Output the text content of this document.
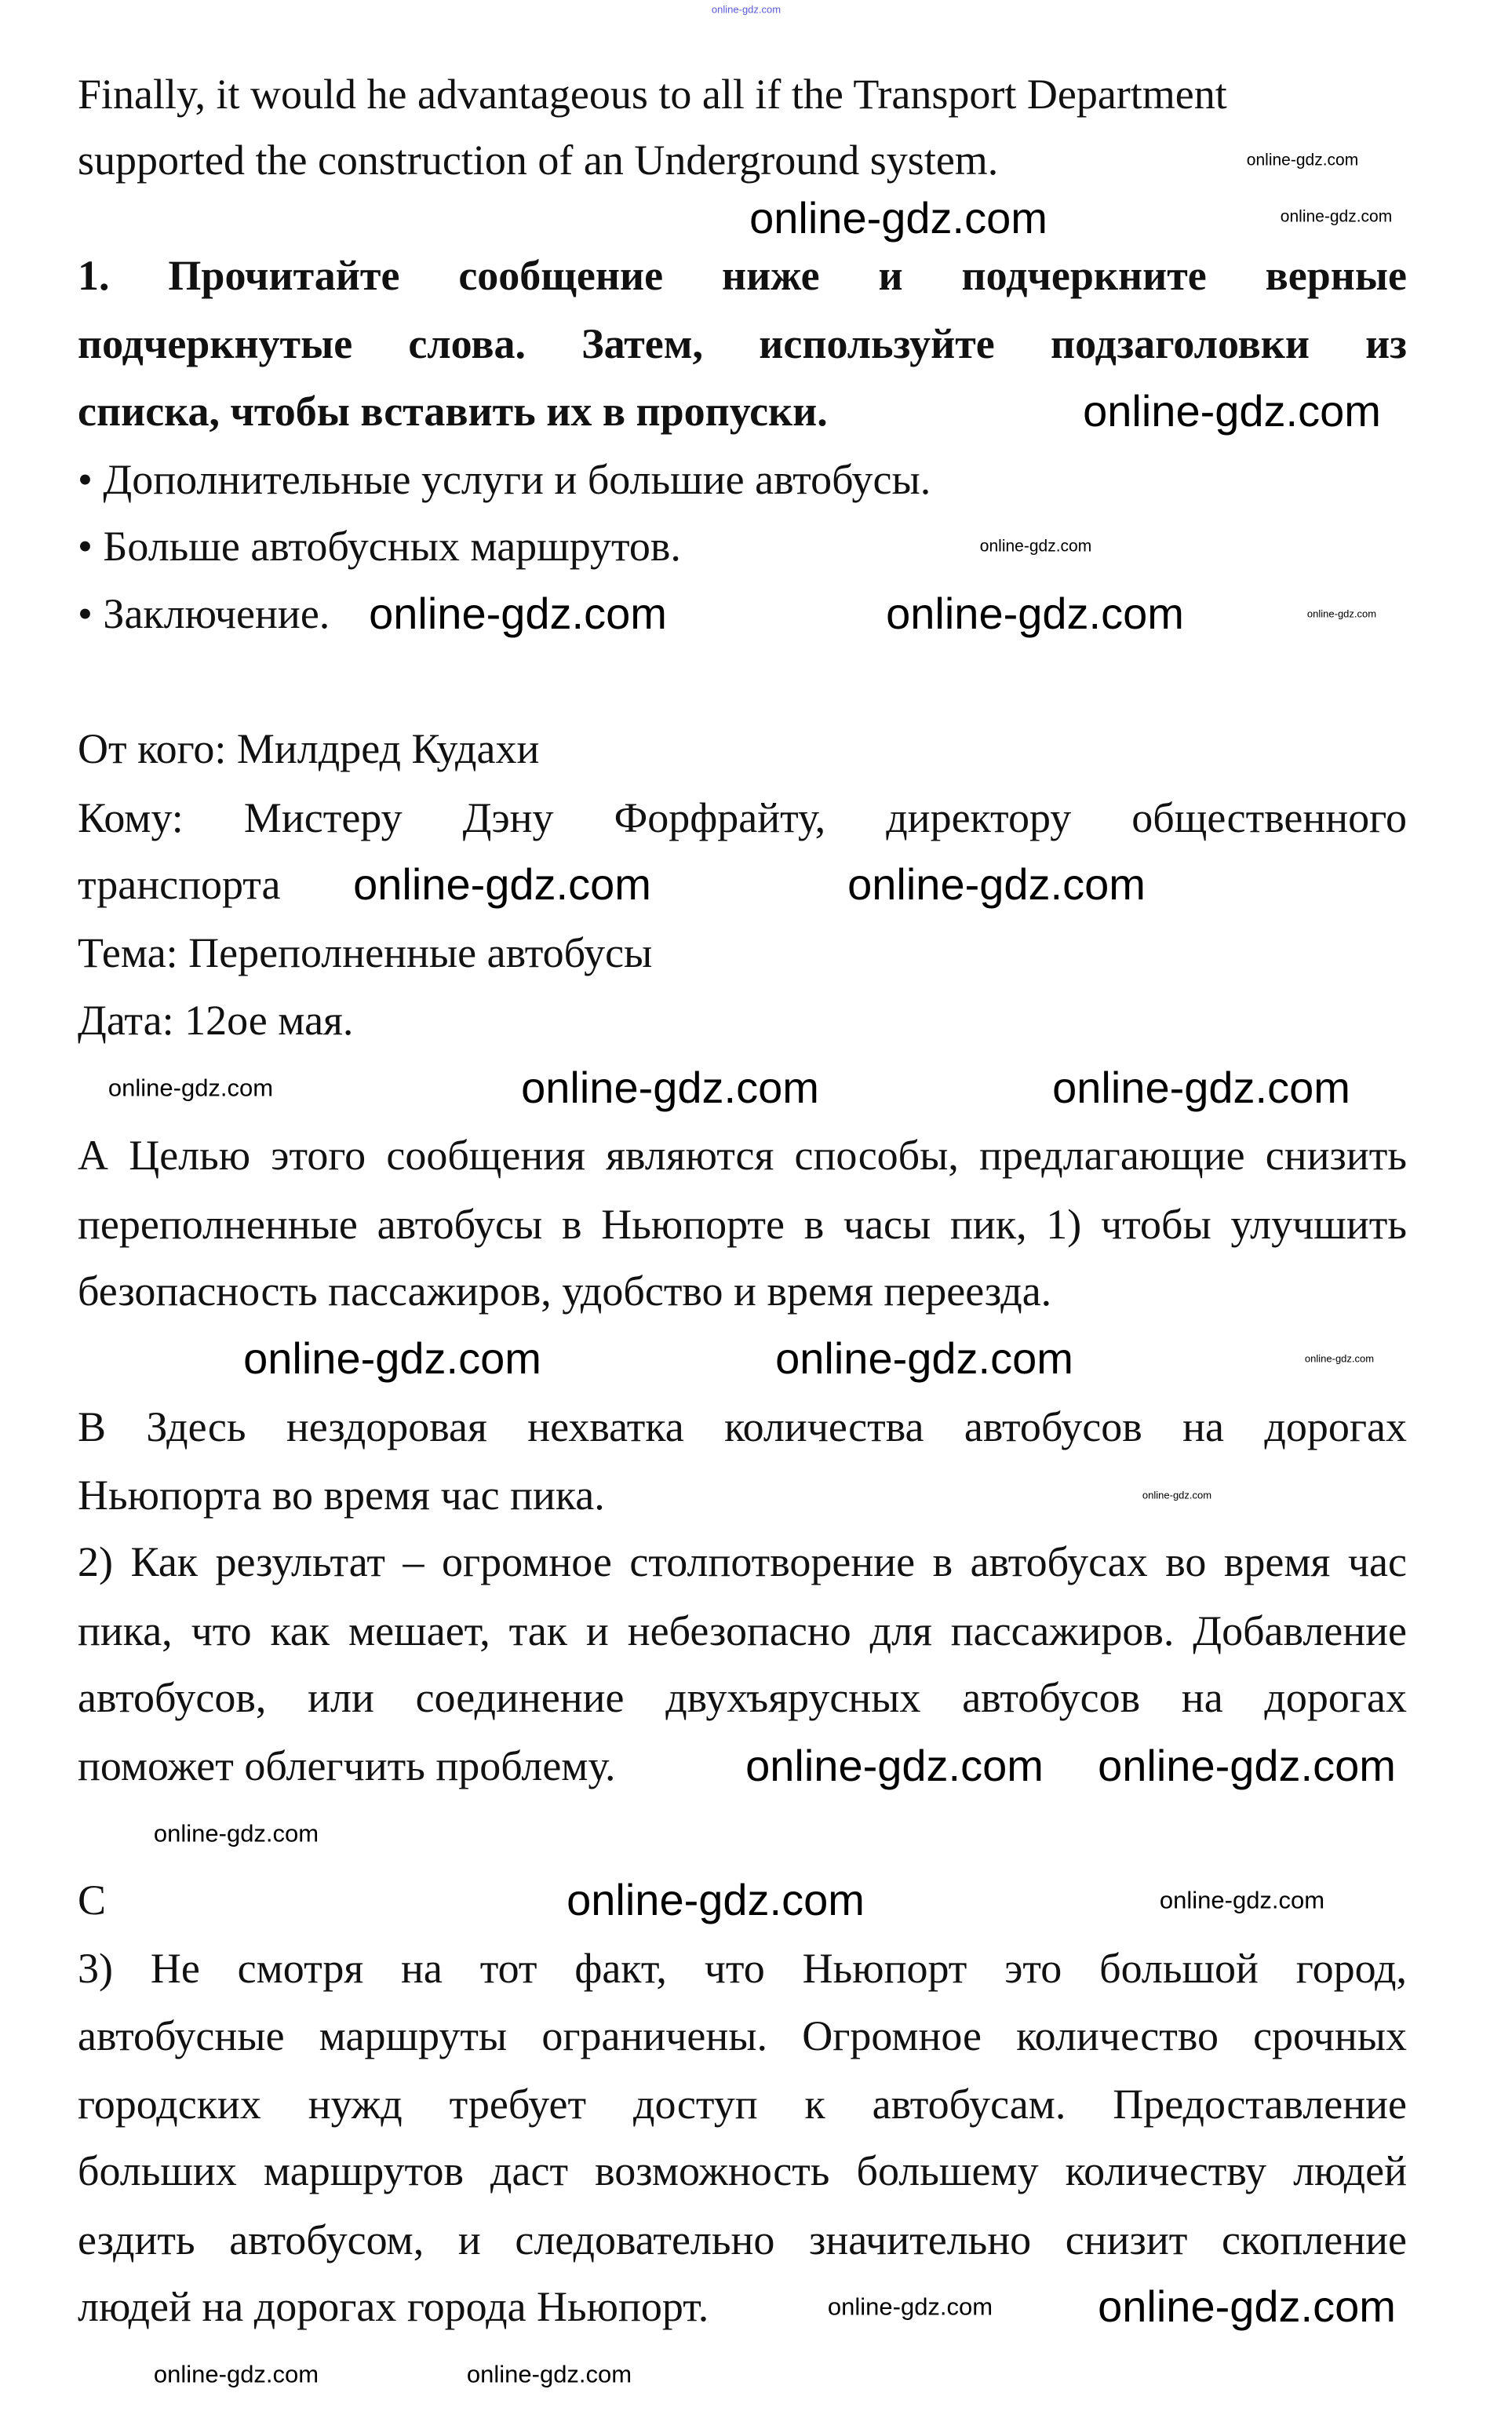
Finally, it would he advantageous to all if the Transport Department
supported the construction of an Underground system.
1. Прочитайте сообщение ниже и подчеркните верные
подчеркнутые слова. Затем, используйте подзаголовки из
списка, чтобы вставить их в пропуски.
• Дополнительные услуги и большие автобусы.
• Больше автобусных маршрутов.
• Заключение.
От кого: Милдред Кудахи
Кому: Мистеру Дэну Форфрайту, директору общественного
транспорта
Тема: Переполненные автобусы
Дата: 12ое мая.
А Целью этого сообщения являются способы, предлагающие снизить
переполненные автобусы в Ньюпорте в часы пик, 1) чтобы улучшить
безопасность пассажиров, удобство и время переезда.
В Здесь нездоровая нехватка количества автобусов на дорогах
Ньюпорта во время час пика.
2) Как результат – огромное столпотворение в автобусах во время час
пика, что как мешает, так и небезопасно для пассажиров. Добавление
автобусов, или соединение двухъярусных автобусов на дорогах
поможет облегчить проблему.
С
3) Не смотря на тот факт, что Ньюпорт это большой город,
автобусные маршруты ограничены. Огромное количество срочных
городских нужд требует доступ к автобусам. Предоставление
больших маршрутов даст возможность большему количеству людей
ездить автобусом, и следовательно значительно снизит скопление
людей на дорогах города Ньюпорт.
online-gdz.com
online-gdz.com
online-gdz.com
online-gdz.com
online-gdz.com
online-gdz.com
online-gdz.com	online-gdz.com	online-gdz.com
online-gdz.com	online-gdz.com
online-gdz.com	online-gdz.com	online-gdz.com
online-gdz.com
online-gdz.com	online-gdz.com
online-gdz.com
online-gdz.com online-gdz.com
online-gdz.com
online-gdz.com	online-gdz.com
online-gdz.com
online-gdz.com
online-gdz.com
online-gdz.com
